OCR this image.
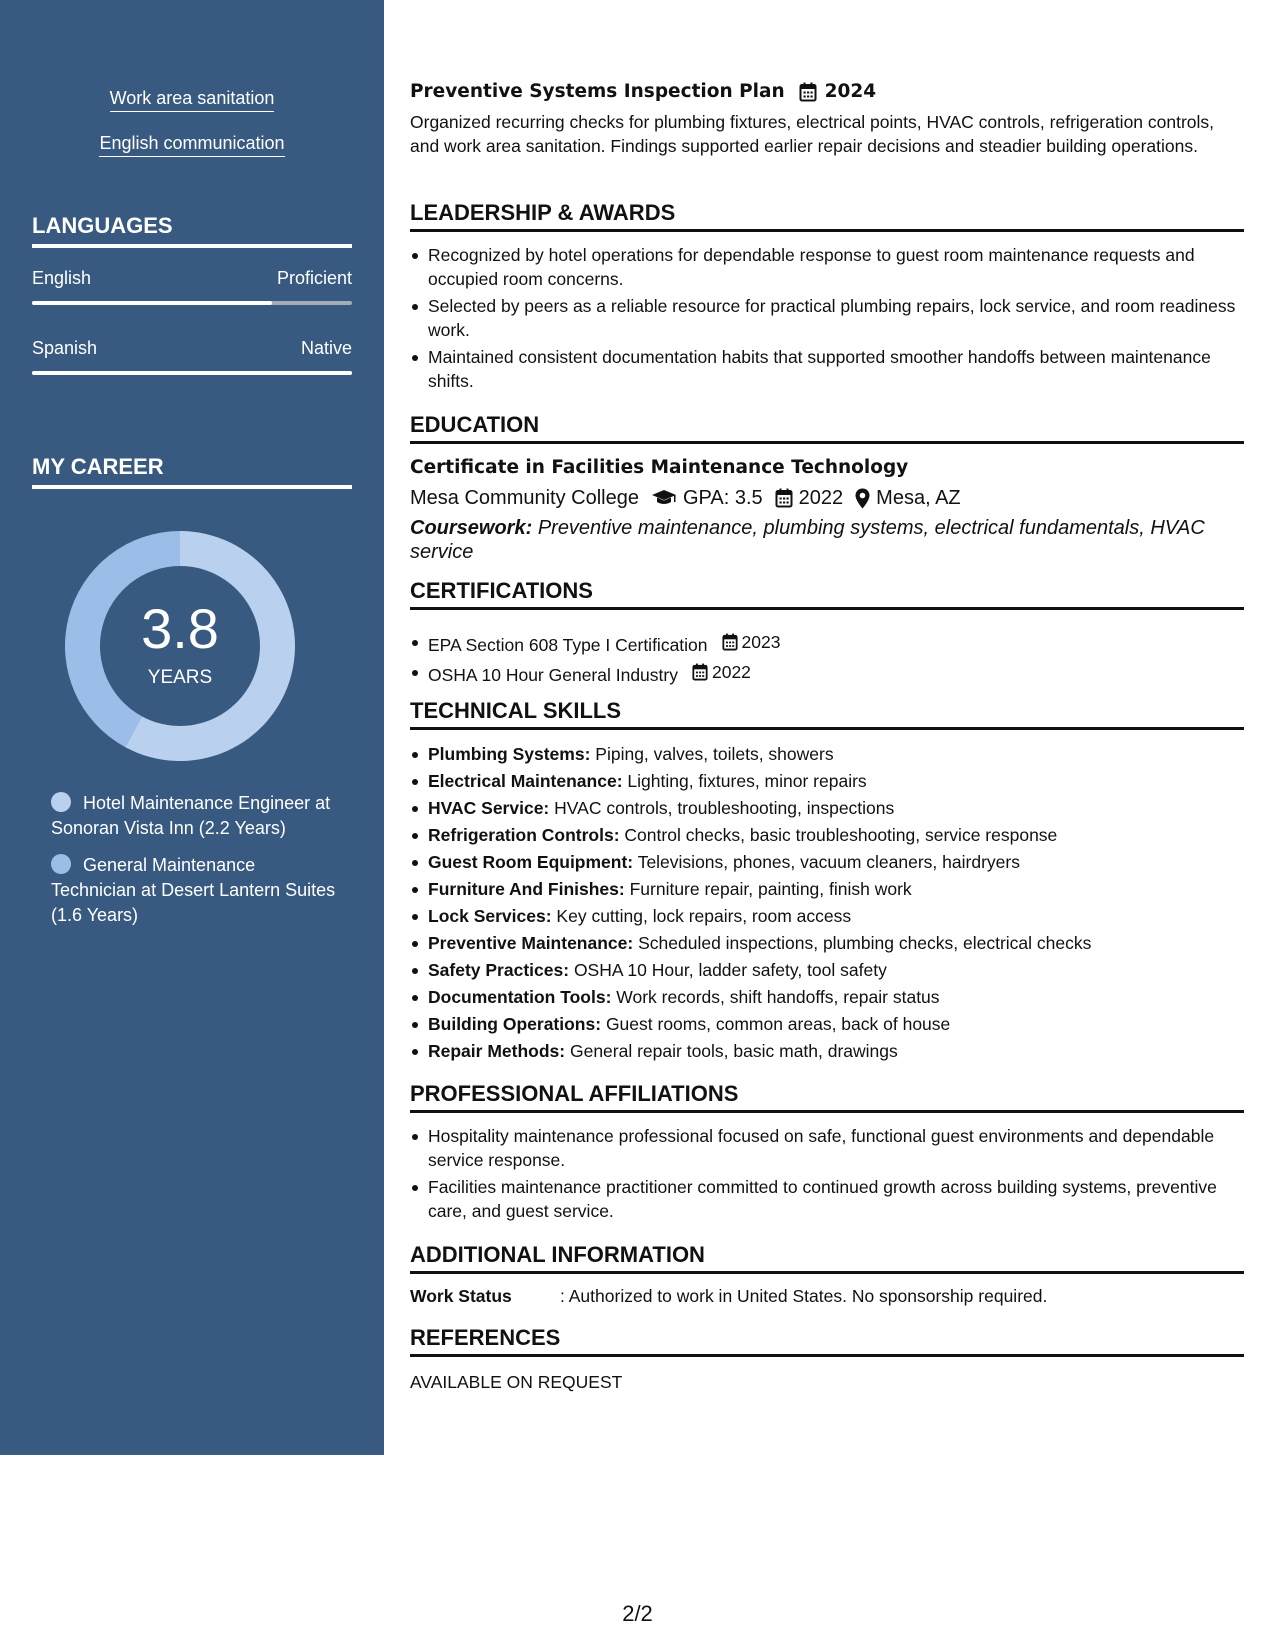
Work area sanitation
English communication
LANGUAGES
English	Proficient
Spanish	Native
MY CAREER
3.8
YEARS
Hotel Maintenance Engineer at Sonoran Vista Inn (2.2 Years)
General Maintenance Technician at Desert Lantern Suites (1.6 Years)
Preventive Systems Inspection Plan 2024
Organized recurring checks for plumbing fixtures, electrical points, HVAC controls, refrigeration controls, and work area sanitation. Findings supported earlier repair decisions and steadier building operations.
LEADERSHIP & AWARDS
Recognized by hotel operations for dependable response to guest room maintenance requests and occupied room concerns.
Selected by peers as a reliable resource for practical plumbing repairs, lock service, and room readiness work.
Maintained consistent documentation habits that supported smoother handoffs between maintenance shifts.
EDUCATION
Certificate in Facilities Maintenance Technology
Mesa Community College GPA: 3.5 2022 Mesa, AZ
Coursework: Preventive maintenance, plumbing systems, electrical fundamentals, HVAC service
CERTIFICATIONS
EPA Section 608 Type I Certification 2023
OSHA 10 Hour General Industry 2022
TECHNICAL SKILLS
Plumbing Systems: Piping, valves, toilets, showers
Electrical Maintenance: Lighting, fixtures, minor repairs
HVAC Service: HVAC controls, troubleshooting, inspections
Refrigeration Controls: Control checks, basic troubleshooting, service response
Guest Room Equipment: Televisions, phones, vacuum cleaners, hairdryers
Furniture And Finishes: Furniture repair, painting, finish work
Lock Services: Key cutting, lock repairs, room access
Preventive Maintenance: Scheduled inspections, plumbing checks, electrical checks
Safety Practices: OSHA 10 Hour, ladder safety, tool safety
Documentation Tools: Work records, shift handoffs, repair status
Building Operations: Guest rooms, common areas, back of house
Repair Methods: General repair tools, basic math, drawings
PROFESSIONAL AFFILIATIONS
Hospitality maintenance professional focused on safe, functional guest environments and dependable service response.
Facilities maintenance practitioner committed to continued growth across building systems, preventive care, and guest service.
ADDITIONAL INFORMATION
Work Status	: Authorized to work in United States. No sponsorship required.
REFERENCES
AVAILABLE ON REQUEST
2/2
